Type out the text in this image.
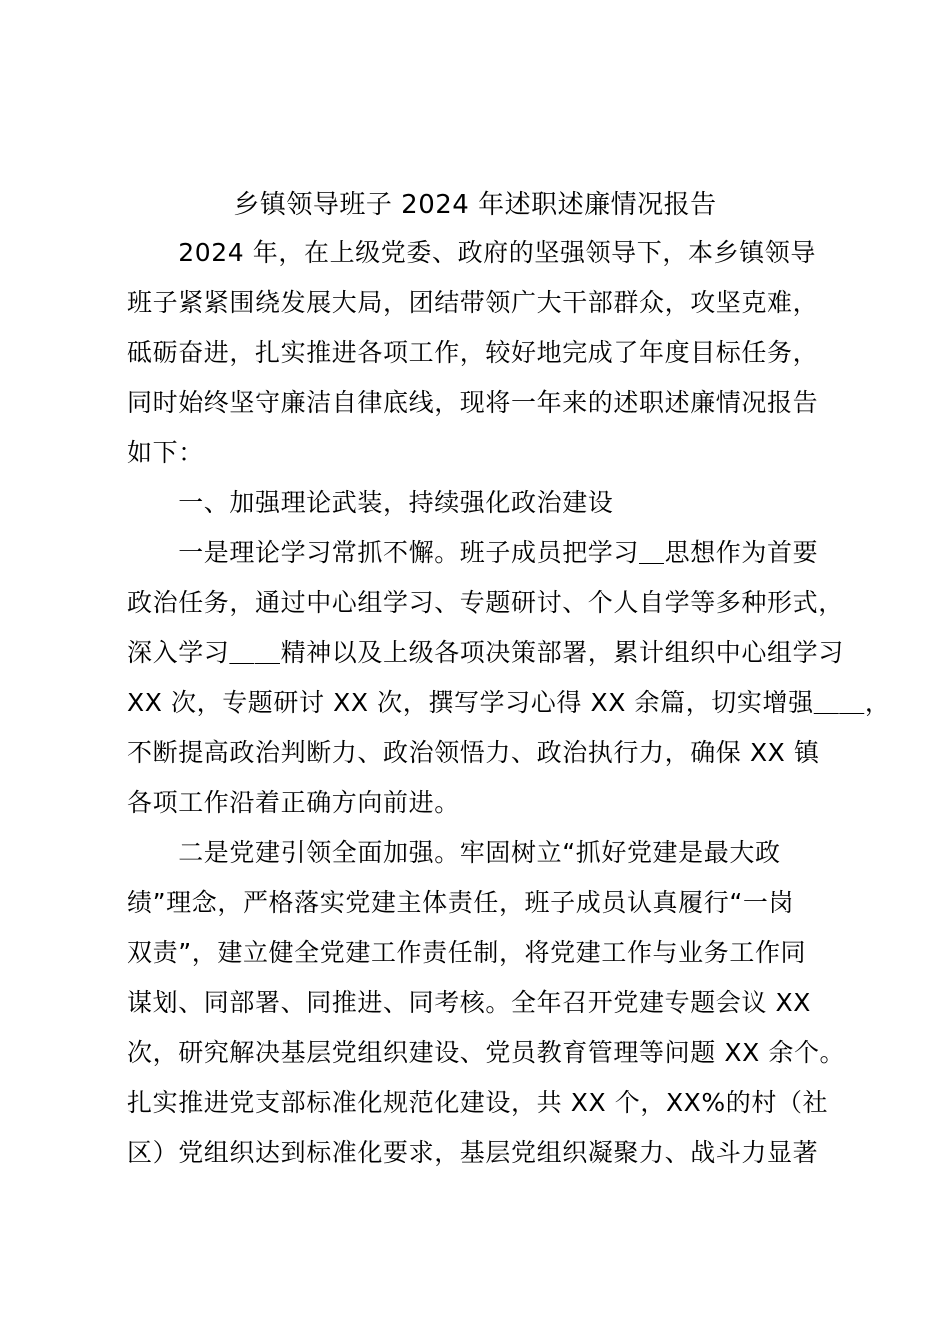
乡镇领导班子 2024 年述职述廉情况报告
　　2024 年，在上级党委、政府的坚强领导下，本乡镇领导
班子紧紧围绕发展大局，团结带领广大干部群众，攻坚克难，
砥砺奋进，扎实推进各项工作，较好地完成了年度目标任务，
同时始终坚守廉洁自律底线，现将一年来的述职述廉情况报告
如下：
　　一、加强理论武装，持续强化政治建设
　　一是理论学习常抓不懈。班子成员把学习＿思想作为首要
政治任务，通过中心组学习、专题研讨、个人自学等多种形式，
深入学习＿＿精神以及上级各项决策部署，累计组织中心组学习
XX 次，专题研讨 XX 次，撰写学习心得 XX 余篇，切实增强＿＿，
不断提高政治判断力、政治领悟力、政治执行力，确保 XX 镇
各项工作沿着正确方向前进。
　　二是党建引领全面加强。牢固树立“抓好党建是最大政
绩”理念，严格落实党建主体责任，班子成员认真履行“一岗
双责”，建立健全党建工作责任制，将党建工作与业务工作同
谋划、同部署、同推进、同考核。全年召开党建专题会议 XX
次，研究解决基层党组织建设、党员教育管理等问题 XX 余个。
扎实推进党支部标准化规范化建设，共 XX 个，XX%的村（社
区）党组织达到标准化要求，基层党组织凝聚力、战斗力显著
